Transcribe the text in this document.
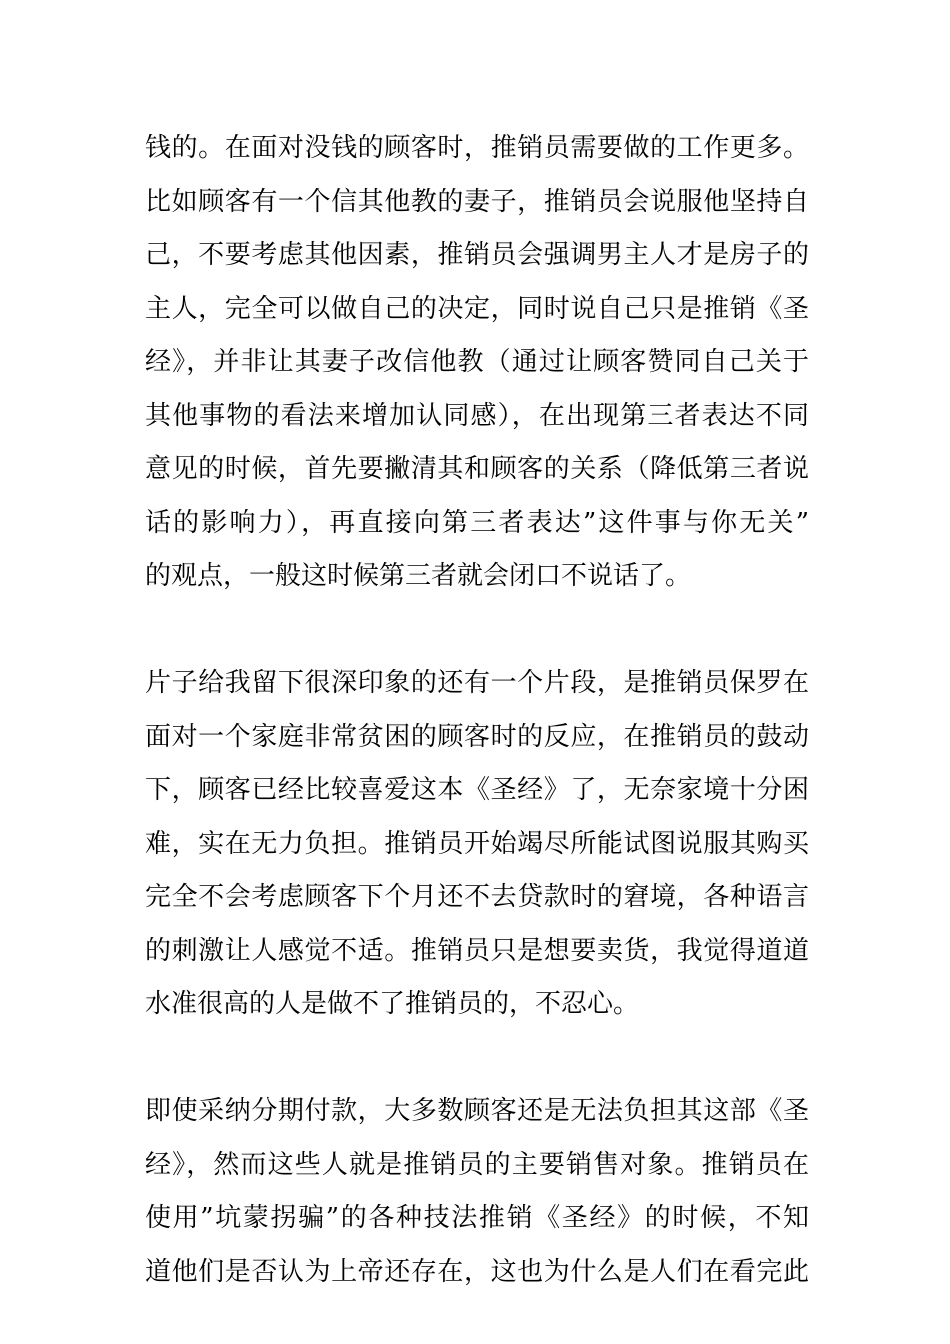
钱的。在面对没钱的顾客时，推销员需要做的工作更多。
比如顾客有一个信其他教的妻子，推销员会说服他坚持自
己，不要考虑其他因素，推销员会强调男主人才是房子的
主人，完全可以做自己的决定，同时说自己只是推销《圣
经》，并非让其妻子改信他教（通过让顾客赞同自己关于
其他事物的看法来增加认同感），在出现第三者表达不同
意见的时候，首先要撇清其和顾客的关系（降低第三者说
话的影响力），再直接向第三者表达”这件事与你无关”
的观点，一般这时候第三者就会闭口不说话了。
片子给我留下很深印象的还有一个片段，是推销员保罗在
面对一个家庭非常贫困的顾客时的反应，在推销员的鼓动
下，顾客已经比较喜爱这本《圣经》了，无奈家境十分困
难，实在无力负担。推销员开始竭尽所能试图说服其购买
完全不会考虑顾客下个月还不去贷款时的窘境，各种语言
的刺激让人感觉不适。推销员只是想要卖货，我觉得道道
水准很高的人是做不了推销员的，不忍心。
即使采纳分期付款，大多数顾客还是无法负担其这部《圣
经》，然而这些人就是推销员的主要销售对象。推销员在
使用”坑蒙拐骗”的各种技法推销《圣经》的时候，不知
道他们是否认为上帝还存在，这也为什么是人们在看完此
